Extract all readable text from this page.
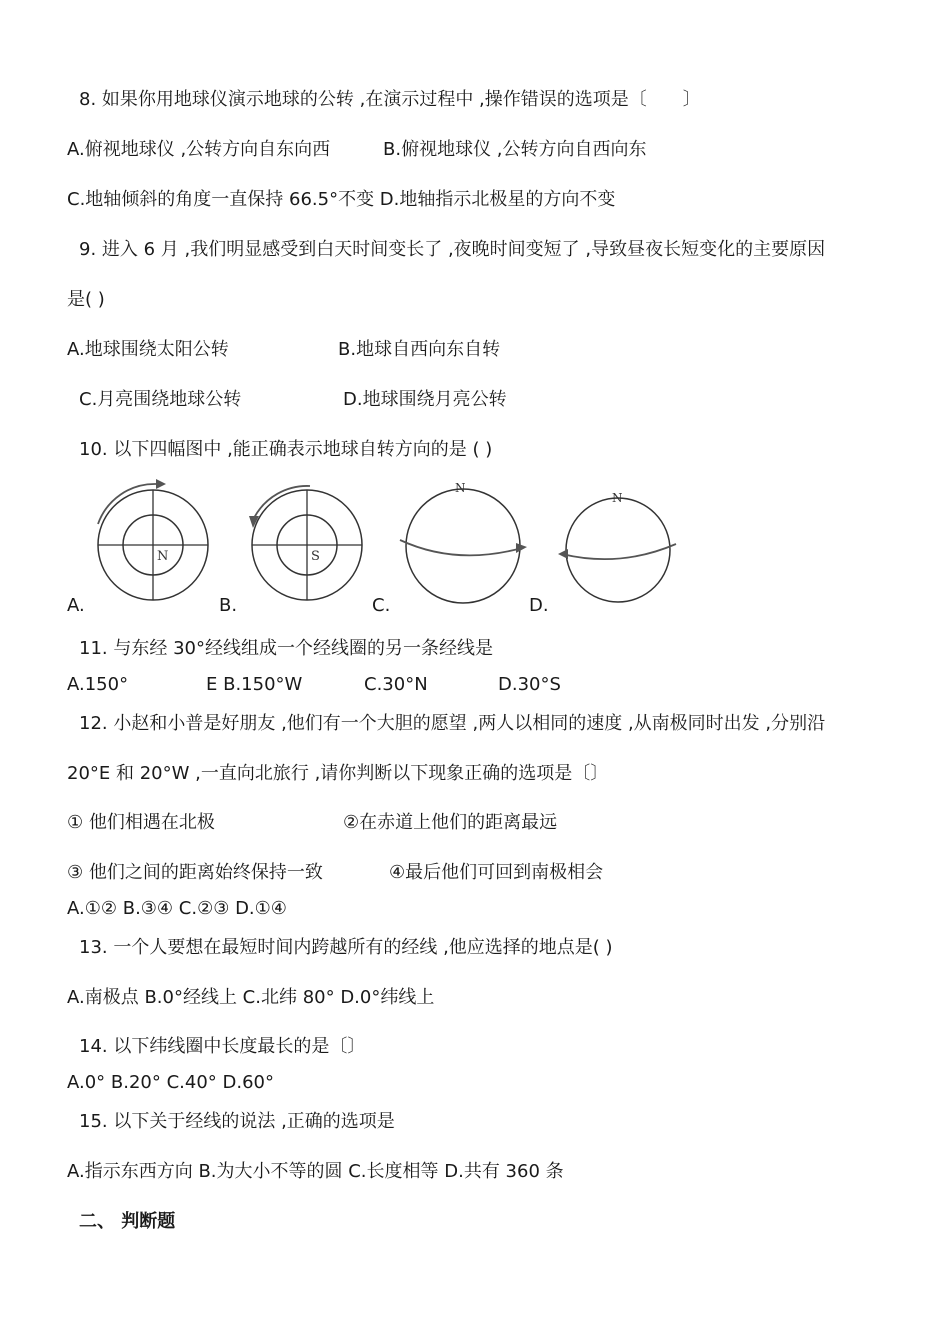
8. 如果你用地球仪演示地球的公转 ,在演示过程中 ,操作错误的选项是〔　　〕
A.俯视地球仪 ,公转方向自东向西	B.俯视地球仪 ,公转方向自西向东
C.地轴倾斜的角度一直保持 66.5°不变 D.地轴指示北极星的方向不变
9. 进入 6 月 ,我们明显感受到白天时间变长了 ,夜晚时间变短了 ,导致昼夜长短变化的主要原因
是( )
A.地球围绕太阳公转	B.地球自西向东自转
C.月亮围绕地球公转	D.地球围绕月亮公转
10. 以下四幅图中 ,能正确表示地球自转方向的是 ( )
N
A.
S
B.
N
C.
N
D.
11. 与东经 30°经线组成一个经线圈的另一条经线是
A.150°	E B.150°W	C.30°N	D.30°S
12. 小赵和小普是好朋友 ,他们有一个大胆的愿望 ,两人以相同的速度 ,从南极同时出发 ,分别沿
20°E 和 20°W ,一直向北旅行 ,请你判断以下现象正确的选项是〔〕
① 他们相遇在北极	②在赤道上他们的距离最远
③ 他们之间的距离始终保持一致	④最后他们可回到南极相会
A.①② B.③④ C.②③ D.①④
13. 一个人要想在最短时间内跨越所有的经线 ,他应选择的地点是( )
A.南极点 B.0°经线上 C.北纬 80° D.0°纬线上
14. 以下纬线圈中长度最长的是〔〕
A.0° B.20° C.40° D.60°
15. 以下关于经线的说法 ,正确的选项是
A.指示东西方向 B.为大小不等的圆 C.长度相等 D.共有 360 条
二、 判断题
